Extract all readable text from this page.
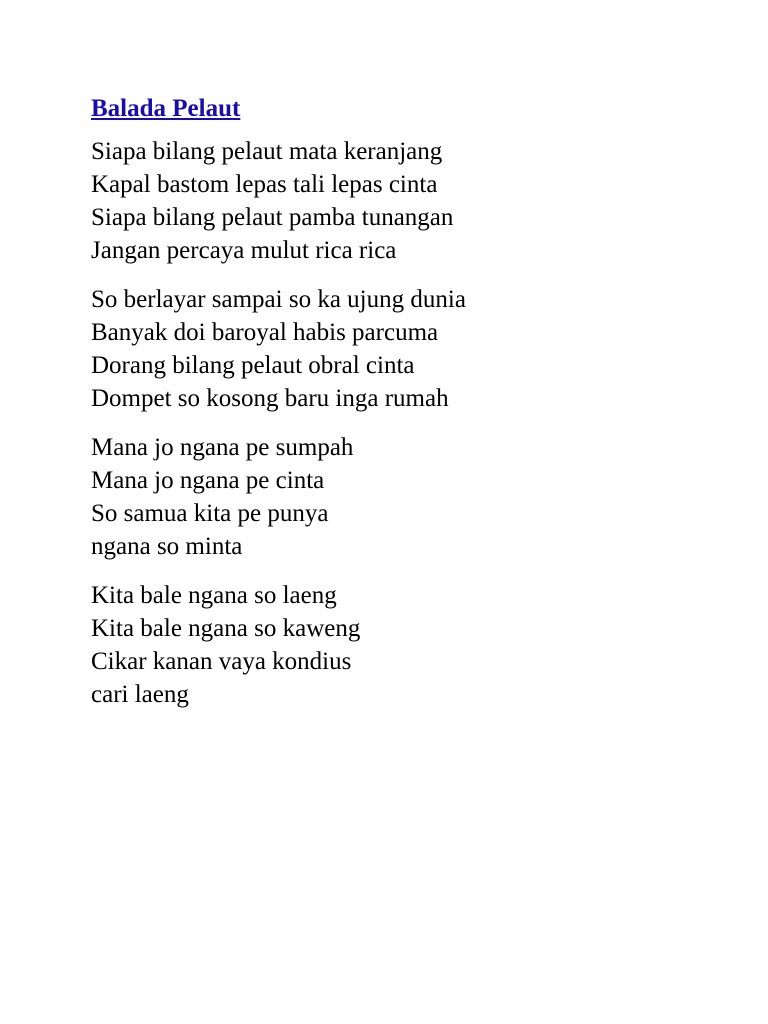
Balada Pelaut
Siapa bilang pelaut mata keranjang
Kapal bastom lepas tali lepas cinta
Siapa bilang pelaut pamba tunangan
Jangan percaya mulut rica rica
So berlayar sampai so ka ujung dunia
Banyak doi baroyal habis parcuma
Dorang bilang pelaut obral cinta
Dompet so kosong baru inga rumah
Mana jo ngana pe sumpah
Mana jo ngana pe cinta
So samua kita pe punya
ngana so minta
Kita bale ngana so laeng
Kita bale ngana so kaweng
Cikar kanan vaya kondius
cari laeng
